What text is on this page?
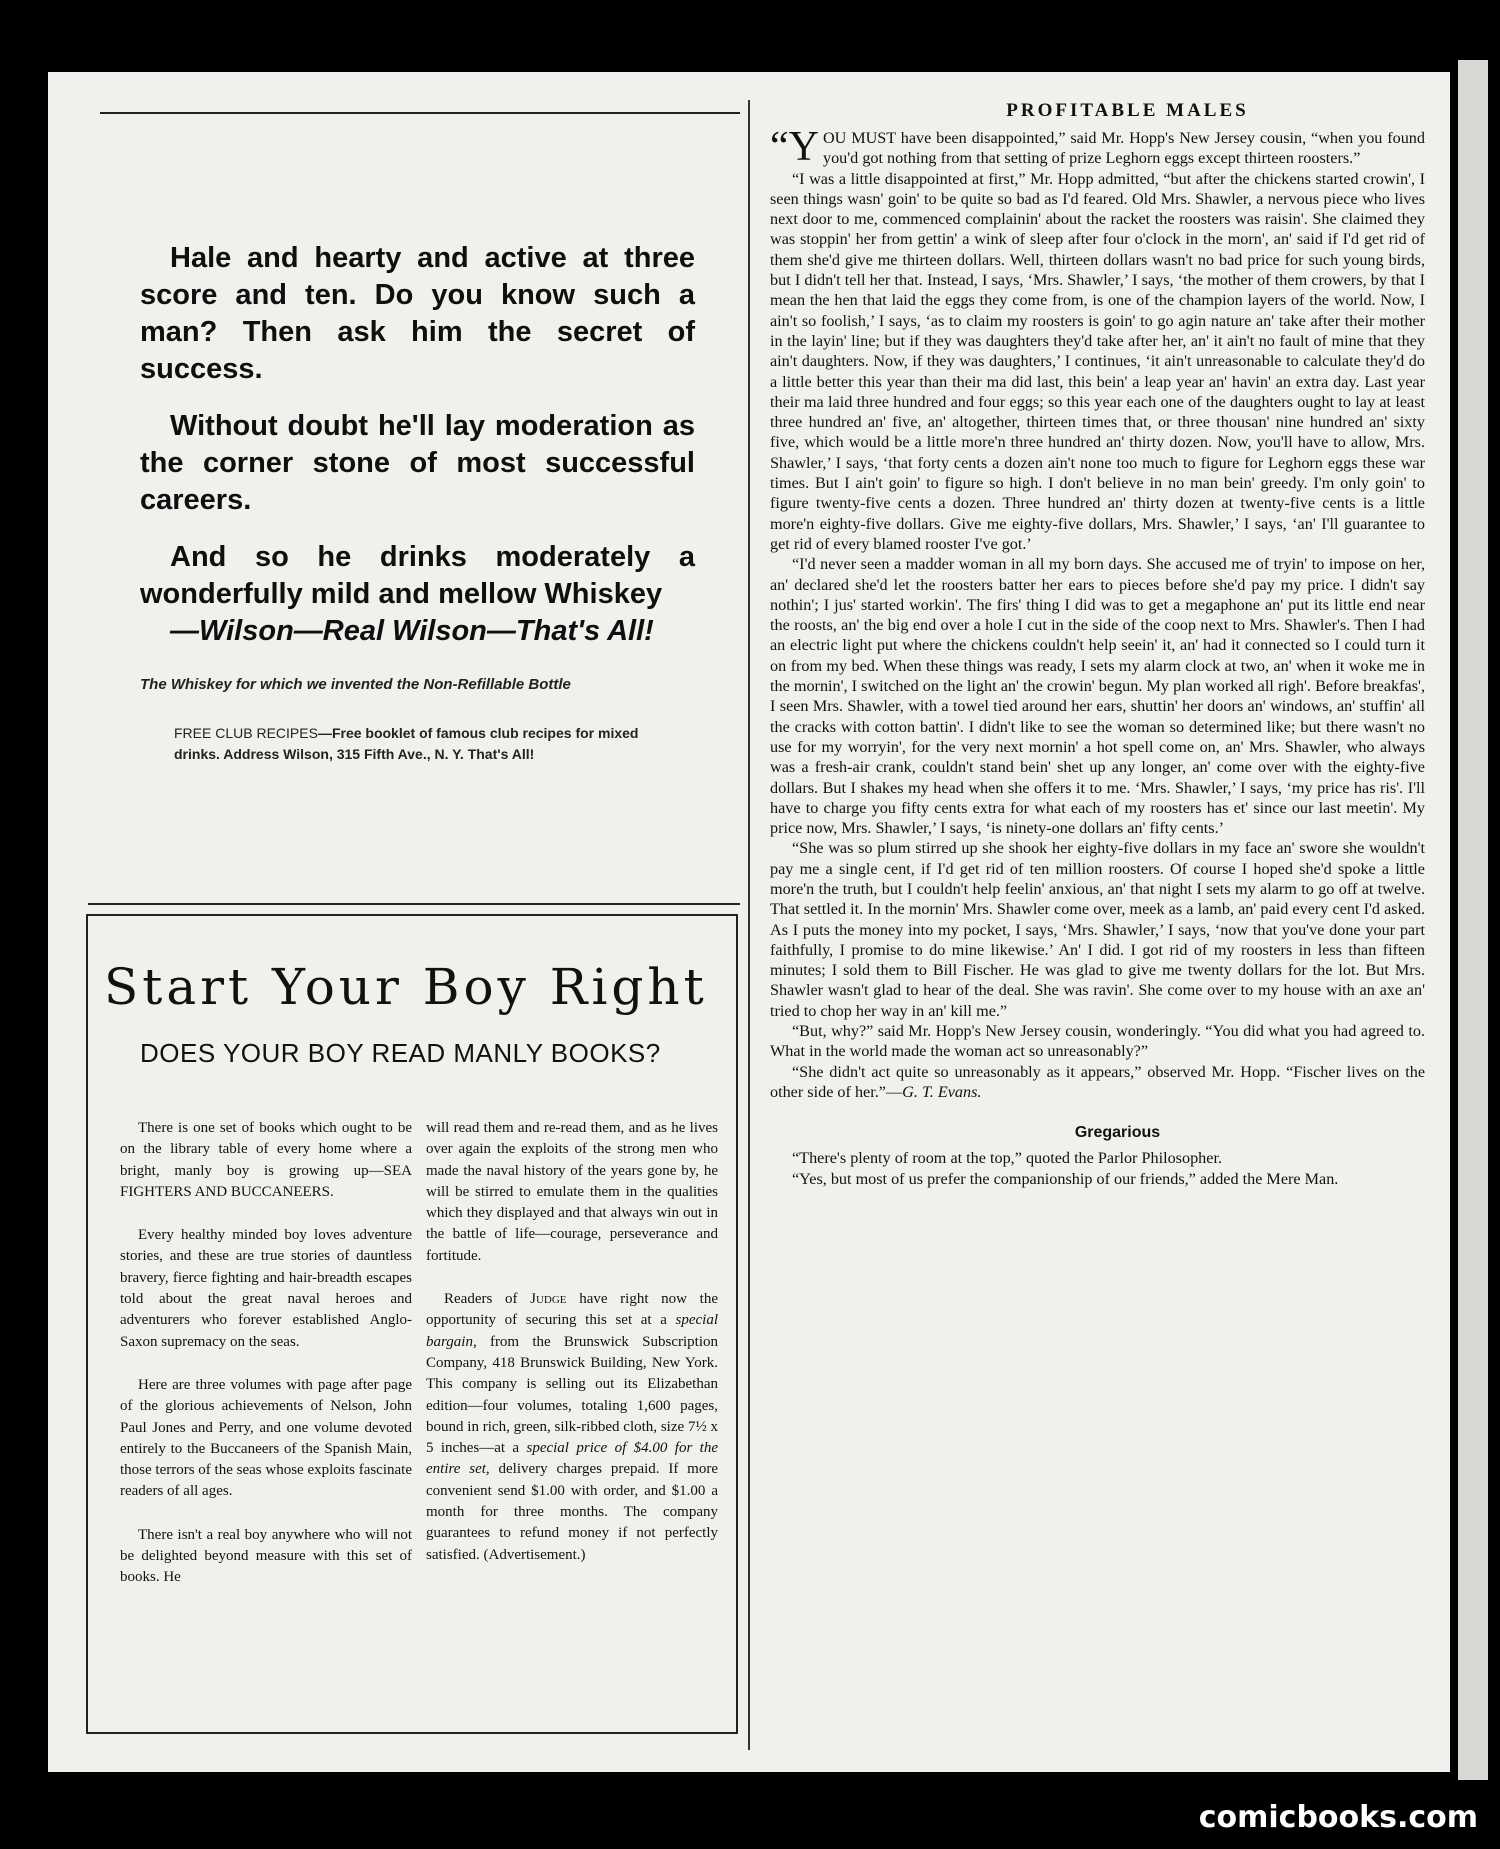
Hale and hearty and active at three score and ten. Do you know such a man? Then ask him the secret of success.

Without doubt he'll lay moderation as the corner stone of most successful careers.

And so he drinks moderately a wonderfully mild and mellow Whiskey
—Wilson—Real Wilson—That's All!

The Whiskey for which we invented the Non-Refillable Bottle
FREE CLUB RECIPES—Free booklet of famous club recipes for mixed drinks. Address Wilson, 315 Fifth Ave., N. Y. That's All!
Start Your Boy Right
DOES YOUR BOY READ MANLY BOOKS?

There is one set of books which ought to be on the library table of every home where a bright, manly boy is growing up—SEA FIGHTERS AND BUCCANEERS.

Every healthy minded boy loves adventure stories, and these are true stories of dauntless bravery, fierce fighting and hair-breadth escapes told about the great naval heroes and adventurers who forever established Anglo-Saxon supremacy on the seas.

Here are three volumes with page after page of the glorious achievements of Nelson, John Paul Jones and Perry, and one volume devoted entirely to the Buccaneers of the Spanish Main, those terrors of the seas whose exploits fascinate readers of all ages.

There isn't a real boy anywhere who will not be delighted beyond measure with this set of books. He

will read them and re-read them, and as he lives over again the exploits of the strong men who made the naval history of the years gone by, he will be stirred to emulate them in the qualities which they displayed and that always win out in the battle of life—courage, perseverance and fortitude.

Readers of Judge have right now the opportunity of securing this set at a special bargain, from the Brunswick Subscription Company, 418 Brunswick Building, New York. This company is selling out its Elizabethan edition—four volumes, totaling 1,600 pages, bound in rich, green, silk-ribbed cloth, size 7½ x 5 inches—at a special price of $4.00 for the entire set, delivery charges prepaid. If more convenient send $1.00 with order, and $1.00 a month for three months. The company guarantees to refund money if not perfectly satisfied. (Advertisement.)

PROFITABLE MALES

“YOU MUST have been disappointed,” said Mr. Hopp's New Jersey cousin, “when you found you'd got nothing from that setting of prize Leghorn eggs except thirteen roosters.”

“I was a little disappointed at first,” Mr. Hopp admitted, “but after the chickens started crowin', I seen things wasn' goin' to be quite so bad as I'd feared. Old Mrs. Shawler, a nervous piece who lives next door to me, commenced complainin' about the racket the roosters was raisin'. She claimed they was stoppin' her from gettin' a wink of sleep after four o'clock in the morn', an' said if I'd get rid of them she'd give me thirteen dollars. Well, thirteen dollars wasn't no bad price for such young birds, but I didn't tell her that. Instead, I says, ‘Mrs. Shawler,’ I says, ‘the mother of them crowers, by that I mean the hen that laid the eggs they come from, is one of the champion layers of the world. Now, I ain't so foolish,’ I says, ‘as to claim my roosters is goin' to go agin nature an' take after their mother in the layin' line; but if they was daughters they'd take after her, an' it ain't no fault of mine that they ain't daughters. Now, if they was daughters,’ I continues, ‘it ain't unreasonable to calculate they'd do a little better this year than their ma did last, this bein' a leap year an' havin' an extra day. Last year their ma laid three hundred and four eggs; so this year each one of the daughters ought to lay at least three hundred an' five, an' altogether, thirteen times that, or three thousan' nine hundred an' sixty five, which would be a little more'n three hundred an' thirty dozen. Now, you'll have to allow, Mrs. Shawler,’ I says, ‘that forty cents a dozen ain't none too much to figure for Leghorn eggs these war times. But I ain't goin' to figure so high. I don't believe in no man bein' greedy. I'm only goin' to figure twenty-five cents a dozen. Three hundred an' thirty dozen at twenty-five cents is a little more'n eighty-five dollars. Give me eighty-five dollars, Mrs. Shawler,’ I says, ‘an' I'll guarantee to get rid of every blamed rooster I've got.’

“I'd never seen a madder woman in all my born days. She accused me of tryin' to impose on her, an' declared she'd let the roosters batter her ears to pieces before she'd pay my price. I didn't say nothin'; I jus' started workin'. The firs' thing I did was to get a megaphone an' put its little end near the roosts, an' the big end over a hole I cut in the side of the coop next to Mrs. Shawler's. Then I had an electric light put where the chickens couldn't help seein' it, an' had it connected so I could turn it on from my bed. When these things was ready, I sets my alarm clock at two, an' when it woke me in the mornin', I switched on the light an' the crowin' begun. My plan worked all righ'. Before breakfas', I seen Mrs. Shawler, with a towel tied around her ears, shuttin' her doors an' windows, an' stuffin' all the cracks with cotton battin'. I didn't like to see the woman so determined like; but there wasn't no use for my worryin', for the very next mornin' a hot spell come on, an' Mrs. Shawler, who always was a fresh-air crank, couldn't stand bein' shet up any longer, an' come over with the eighty-five dollars. But I shakes my head when she offers it to me. ‘Mrs. Shawler,’ I says, ‘my price has ris'. I'll have to charge you fifty cents extra for what each of my roosters has et' since our last meetin'. My price now, Mrs. Shawler,’ I says, ‘is ninety-one dollars an' fifty cents.’

“She was so plum stirred up she shook her eighty-five dollars in my face an' swore she wouldn't pay me a single cent, if I'd get rid of ten million roosters. Of course I hoped she'd spoke a little more'n the truth, but I couldn't help feelin' anxious, an' that night I sets my alarm to go off at twelve. That settled it. In the mornin' Mrs. Shawler come over, meek as a lamb, an' paid every cent I'd asked. As I puts the money into my pocket, I says, ‘Mrs. Shawler,’ I says, ‘now that you've done your part faithfully, I promise to do mine likewise.’ An' I did. I got rid of my roosters in less than fifteen minutes; I sold them to Bill Fischer. He was glad to give me twenty dollars for the lot. But Mrs. Shawler wasn't glad to hear of the deal. She was ravin'. She come over to my house with an axe an' tried to chop her way in an' kill me.”

“But, why?” said Mr. Hopp's New Jersey cousin, wonderingly. “You did what you had agreed to. What in the world made the woman act so unreasonably?”

“She didn't act quite so unreasonably as it appears,” observed Mr. Hopp. “Fischer lives on the other side of her.”—G. T. Evans.

Gregarious

“There's plenty of room at the top,” quoted the Parlor Philosopher.

“Yes, but most of us prefer the companionship of our friends,” added the Mere Man.

comicbooks.com
